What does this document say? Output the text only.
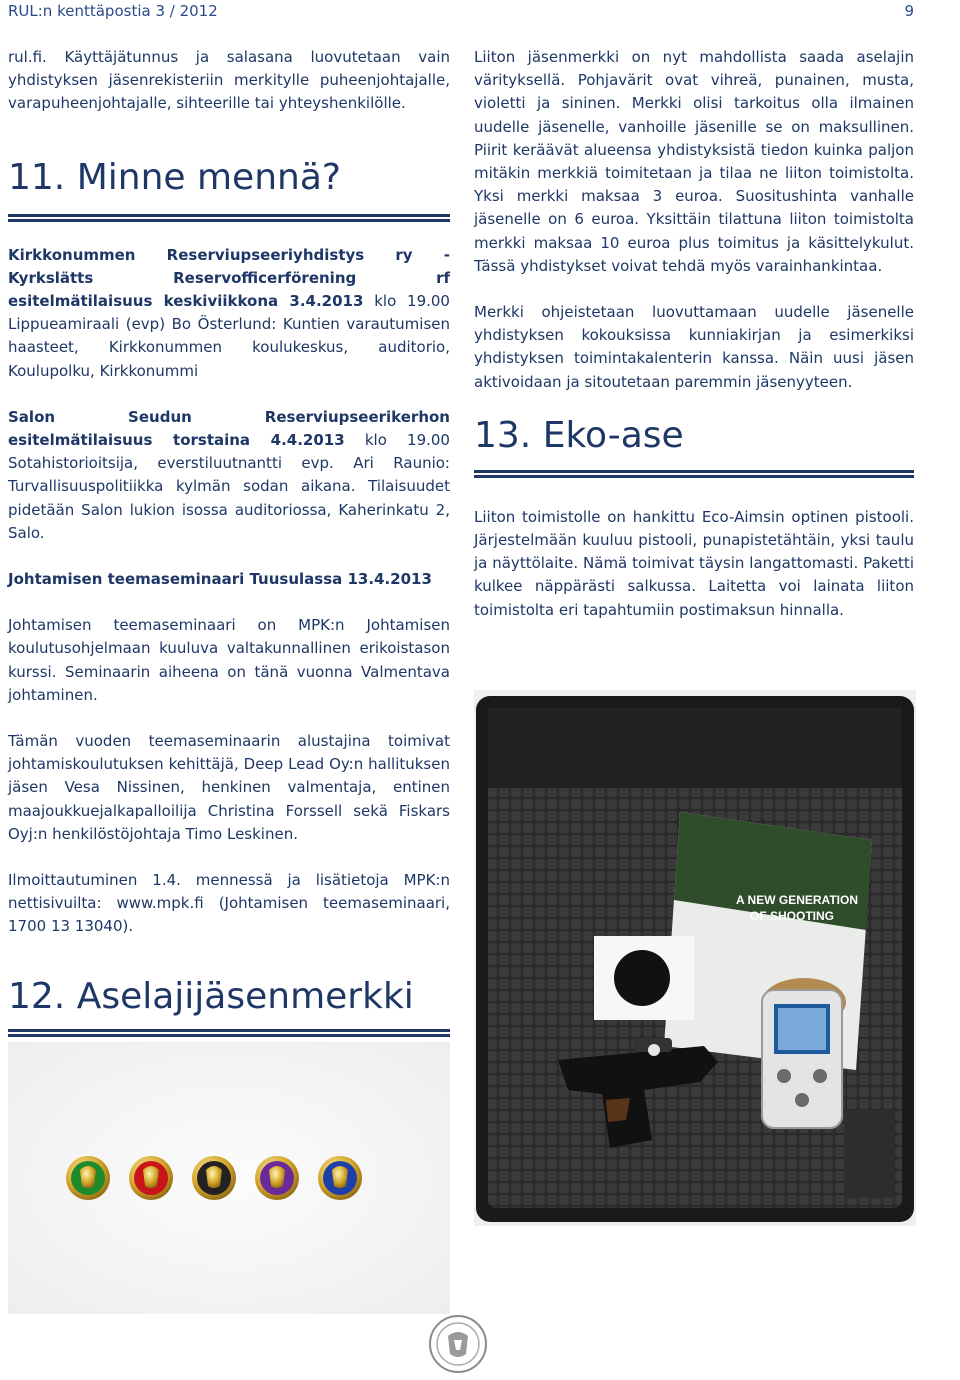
RUL:n kenttäpostia 3 / 2012	9

rul.fi. Käyttäjätunnus ja salasana luovutetaan vain yhdistyksen jäsenrekisteriin merkitylle puheenjohtajalle, varapuheenjohtajalle, sihteerille tai yhteyshenkilölle.

11. Minne mennä?

Kirkkonummen Reserviupseeriyhdistys ry - Kyrkslätts Reservofficerförening rf esitelmätilaisuus keskiviikkona 3.4.2013 klo 19.00 Lippueamiraali (evp) Bo Österlund: Kuntien varautumisen haasteet, Kirkkonummen koulukeskus, auditorio, Koulupolku, Kirkkonummi

Salon Seudun Reserviupseerikerhon esitelmätilaisuus torstaina 4.4.2013 klo 19.00 Sotahistorioitsija, everstiluutnantti evp. Ari Raunio: Turvallisuuspolitiikka kylmän sodan aikana. Tilaisuudet pidetään Salon lukion isossa auditoriossa, Kaherinkatu 2, Salo.

Johtamisen teemaseminaari Tuusulassa 13.4.2013

Johtamisen teemaseminaari on MPK:n Johtamisen koulutusohjelmaan kuuluva valtakunnallinen erikoistason kurssi. Seminaarin aiheena on tänä vuonna Valmentava johtaminen.

Tämän vuoden teemaseminaarin alustajina toimivat johtamiskoulutuksen kehittäjä, Deep Lead Oy:n hallituksen jäsen Vesa Nissinen, henkinen valmentaja, entinen maajoukkuejalkapalloilija Christina Forssell sekä Fiskars Oyj:n henkilöstöjohtaja Timo Leskinen.

Ilmoittautuminen 1.4. mennessä ja lisätietoja MPK:n nettisivuilta: www.mpk.fi (Johtamisen teemaseminaari, 1700 13 13040).

12. Aselajijäsenmerkki

Liiton jäsenmerkki on nyt mahdollista saada aselajin värityksellä. Pohjavärit ovat vihreä, punainen, musta, violetti ja sininen. Merkki olisi tarkoitus olla ilmainen uudelle jäsenelle, vanhoille jäsenille se on maksullinen. Piirit keräävät alueensa yhdistyksistä tiedon kuinka paljon mitäkin merkkiä toimitetaan ja tilaa ne liiton toimistolta. Yksi merkki maksaa 3 euroa. Suositushinta vanhalle jäsenelle on 6 euroa. Yksittäin tilattuna liiton toimistolta merkki maksaa 10 euroa plus toimitus ja käsittelykulut. Tässä yhdistykset voivat tehdä myös varainhankintaa.

Merkki ohjeistetaan luovuttamaan uudelle jäsenelle yhdistyksen kokouksissa kunniakirjan ja esimerkiksi yhdistyksen toimintakalenterin kanssa. Näin uusi jäsen aktivoidaan ja sitoutetaan paremmin jäsenyyteen.

13. Eko-ase

Liiton toimistolle on hankittu Eco-Aimsin optinen pistooli. Järjestelmään kuuluu pistooli, punapistetähtäin, yksi taulu ja näyttölaite. Nämä toimivat täysin langattomasti. Paketti kulkee näppärästi salkussa. Laitetta voi lainata liiton toimistolta eri tapahtumiin postimaksun hinnalla.

A NEW GENERATION
OF SHOOTING
